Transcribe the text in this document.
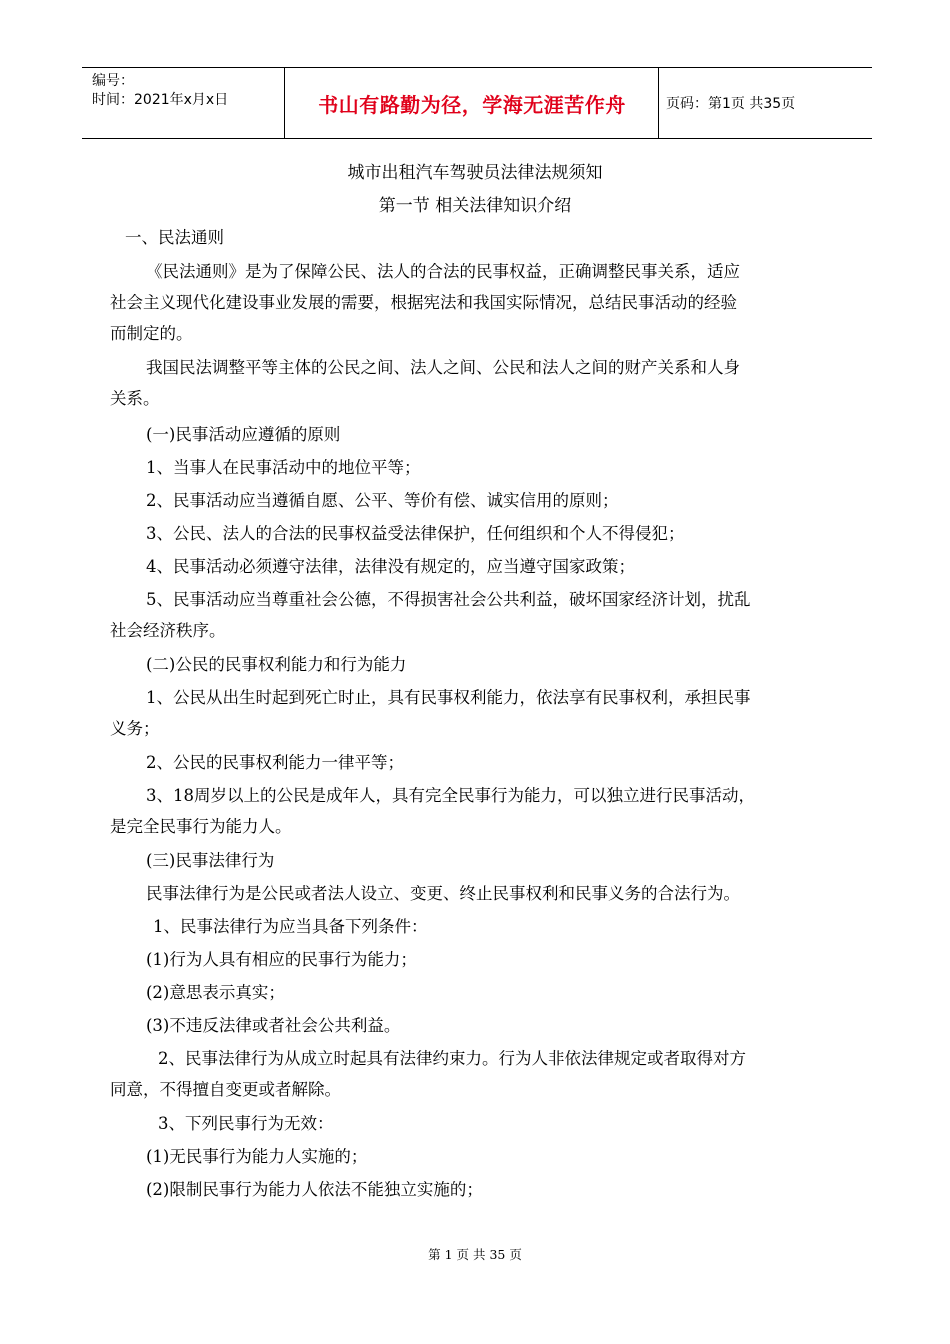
编号：
时间：2021年x月x日	书山有路勤为径，学海无涯苦作舟	页码：第1页 共35页
城市出租汽车驾驶员法律法规须知
第一节 相关法律知识介绍
一、民法通则
《民法通则》是为了保障公民、法人的合法的民事权益，正确调整民事关系，适应
社会主义现代化建设事业发展的需要，根据宪法和我国实际情况，总结民事活动的经验
而制定的。
我国民法调整平等主体的公民之间、法人之间、公民和法人之间的财产关系和人身
关系。
(一)民事活动应遵循的原则
1、当事人在民事活动中的地位平等；
2、民事活动应当遵循自愿、公平、等价有偿、诚实信用的原则；
3、公民、法人的合法的民事权益受法律保护，任何组织和个人不得侵犯；
4、民事活动必须遵守法律，法律没有规定的，应当遵守国家政策；
5、民事活动应当尊重社会公德，不得损害社会公共利益，破坏国家经济计划，扰乱
社会经济秩序。
(二)公民的民事权利能力和行为能力
1、公民从出生时起到死亡时止，具有民事权利能力，依法享有民事权利，承担民事
义务；
2、公民的民事权利能力一律平等；
3、18周岁以上的公民是成年人，具有完全民事行为能力，可以独立进行民事活动，
是完全民事行为能力人。
(三)民事法律行为
民事法律行为是公民或者法人设立、变更、终止民事权利和民事义务的合法行为。
1、民事法律行为应当具备下列条件：
(1)行为人具有相应的民事行为能力；
(2)意思表示真实；
(3)不违反法律或者社会公共利益。
2、民事法律行为从成立时起具有法律约束力。行为人非依法律规定或者取得对方
同意，不得擅自变更或者解除。
3、下列民事行为无效：
(1)无民事行为能力人实施的；
(2)限制民事行为能力人依法不能独立实施的；
第 1 页 共 35 页
